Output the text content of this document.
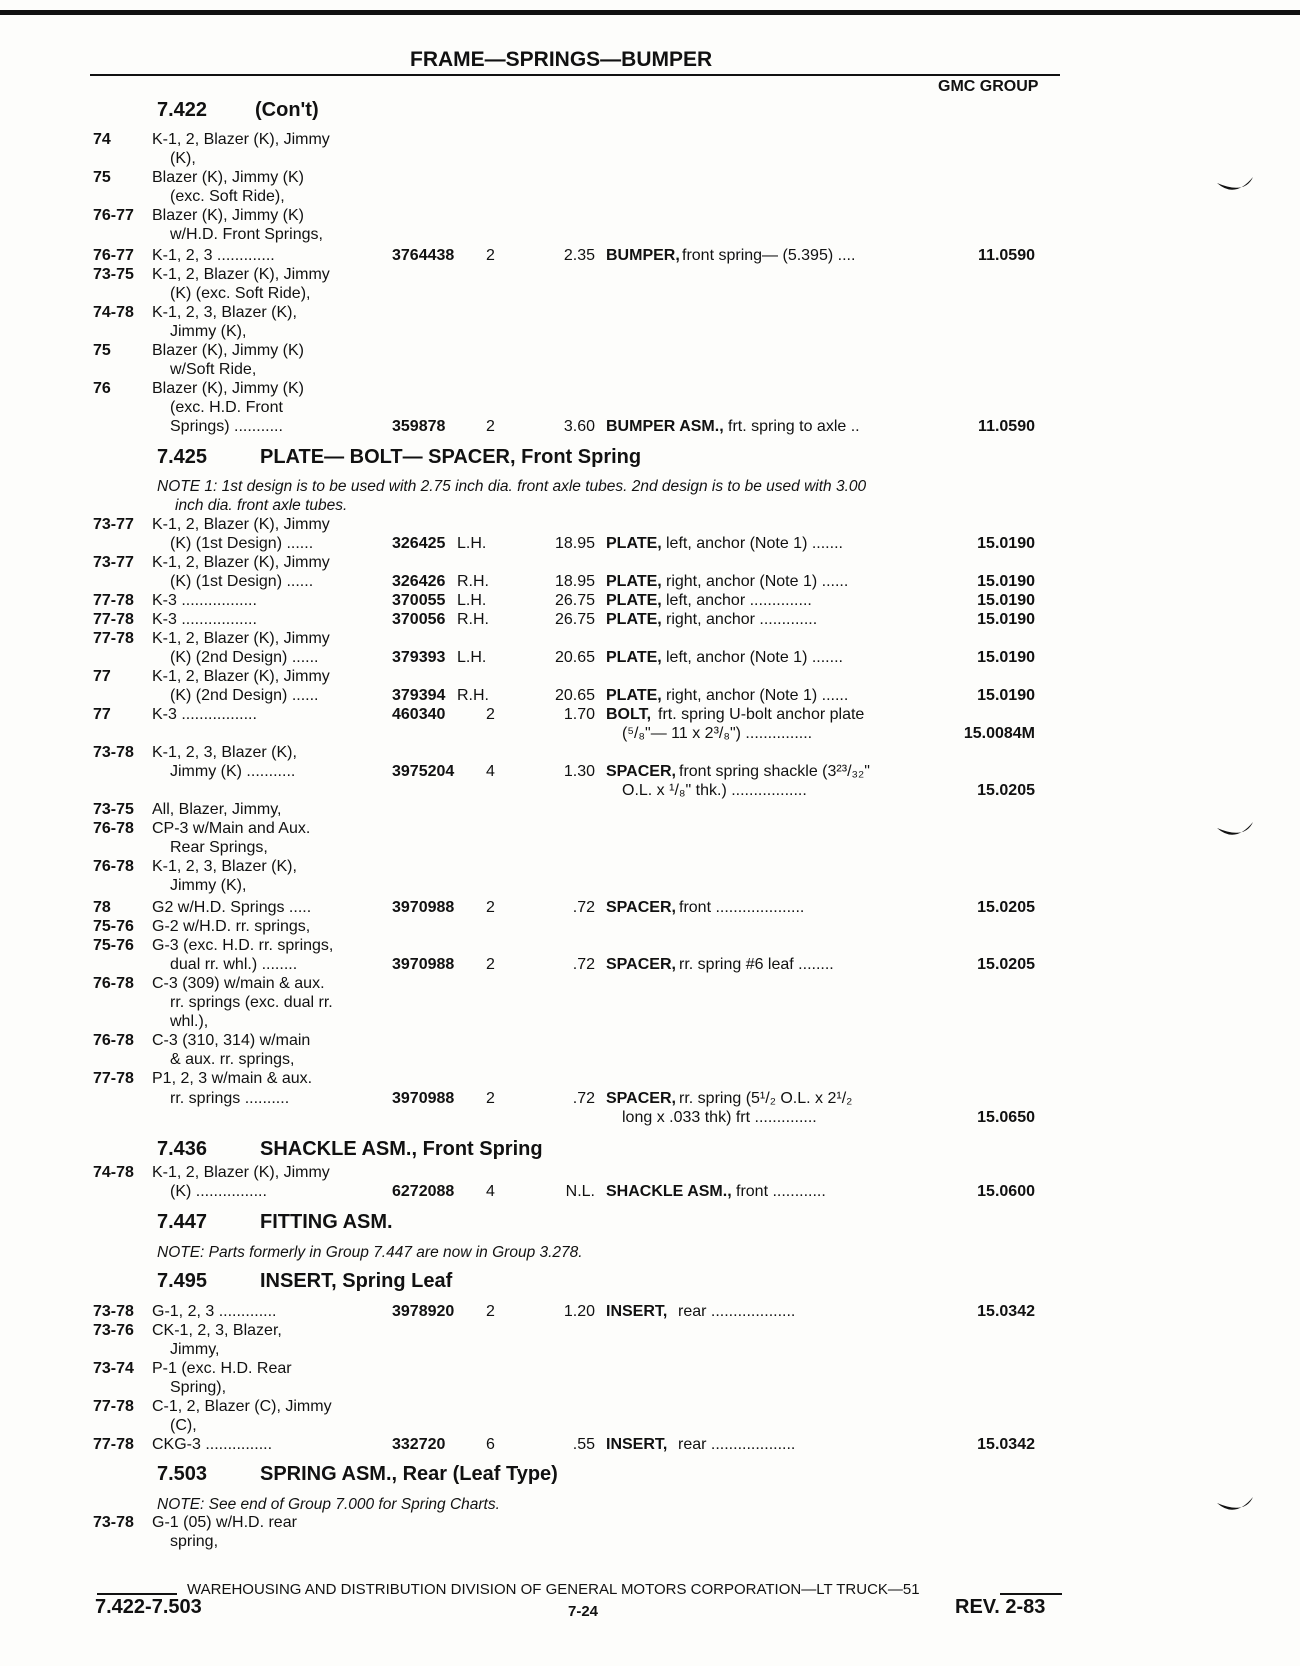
FRAME—SPRINGS—BUMPER
GMC GROUP
7.422 (Con't)
7.425	PLATE— BOLT— SPACER, Front Spring
NOTE 1: 1st design is to be used with 2.75 inch dia. front axle tubes. 2nd design is to be used with 3.00
inch dia. front axle tubes.
7.436	SHACKLE ASM., Front Spring
7.447	FITTING ASM.
NOTE: Parts formerly in Group 7.447 are now in Group 3.278.
7.495	INSERT, Spring Leaf
7.503	SPRING ASM., Rear (Leaf Type)
NOTE: See end of Group 7.000 for Spring Charts.
74	K-1, 2, Blazer (K), Jimmy
(K),
75	Blazer (K), Jimmy (K)
(exc. Soft Ride),
76-77 Blazer (K), Jimmy (K)
w/H.D. Front Springs,
76-77 K-1, 2, 3 .............	3764438 2	2.35 BUMPER, front spring— (5.395) ....	11.0590
73-75 K-1, 2, Blazer (K), Jimmy
(K) (exc. Soft Ride),
74-78 K-1, 2, 3, Blazer (K),
Jimmy (K),
75	Blazer (K), Jimmy (K)
w/Soft Ride,
76	Blazer (K), Jimmy (K)
(exc. H.D. Front
Springs) ...........	359878	2	3.60 BUMPER ASM., frt. spring to axle ..	11.0590
73-77 K-1, 2, Blazer (K), Jimmy
(K) (1st Design) ......	326425 L.H.	18.95 PLATE, left, anchor (Note 1) .......	15.0190
73-77 K-1, 2, Blazer (K), Jimmy
(K) (1st Design) ......	326426 R.H.	18.95 PLATE, right, anchor (Note 1) ......	15.0190
77-78 K-3 .................	370055 L.H.	26.75 PLATE, left, anchor ..............	15.0190
77-78 K-3 .................	370056 R.H.	26.75 PLATE, right, anchor .............	15.0190
77-78 K-1, 2, Blazer (K), Jimmy
(K) (2nd Design) ......	379393 L.H.	20.65 PLATE, left, anchor (Note 1) .......	15.0190
77	K-1, 2, Blazer (K), Jimmy
(K) (2nd Design) ......	379394 R.H.	20.65 PLATE, right, anchor (Note 1) ......	15.0190
77	K-3 .................	460340	2	1.70 BOLT, frt. spring U-bolt anchor plate
(⁵/₈"— 11 x 2³/₈") ...............	15.0084M
73-78 K-1, 2, 3, Blazer (K),
Jimmy (K) ...........	3975204 4	1.30 SPACER, front spring shackle (3²³/₃₂"
O.L. x ¹/₈" thk.) .................	15.0205
73-75 All, Blazer, Jimmy,
76-78 CP-3 w/Main and Aux.
Rear Springs,
76-78 K-1, 2, 3, Blazer (K),
Jimmy (K),
78	G2 w/H.D. Springs .....	3970988 2	.72 SPACER, front ....................	15.0205
75-76 G-2 w/H.D. rr. springs,
75-76 G-3 (exc. H.D. rr. springs,
dual rr. whl.) ........	3970988 2	.72 SPACER, rr. spring #6 leaf ........	15.0205
76-78 C-3 (309) w/main & aux.
rr. springs (exc. dual rr.
whl.),
76-78 C-3 (310, 314) w/main
& aux. rr. springs,
77-78 P1, 2, 3 w/main & aux.
rr. springs ..........	3970988 2	.72 SPACER, rr. spring (5¹/₂ O.L. x 2¹/₂
long x .033 thk) frt ..............	15.0650
74-78 K-1, 2, Blazer (K), Jimmy
(K) ................	6272088 4	N.L. SHACKLE ASM., front ............	15.0600
73-78 G-1, 2, 3 .............	3978920 2	1.20 INSERT, rear ...................	15.0342
73-76 CK-1, 2, 3, Blazer,
Jimmy,
73-74 P-1 (exc. H.D. Rear
Spring),
77-78 C-1, 2, Blazer (C), Jimmy
(C),
77-78 CKG-3 ...............	332720	6	.55 INSERT, rear ...................	15.0342
73-78 G-1 (05) w/H.D. rear
spring,
WAREHOUSING AND DISTRIBUTION DIVISION OF GENERAL MOTORS CORPORATION—LT TRUCK—51
7.422-7.503	7-24	REV. 2-83
